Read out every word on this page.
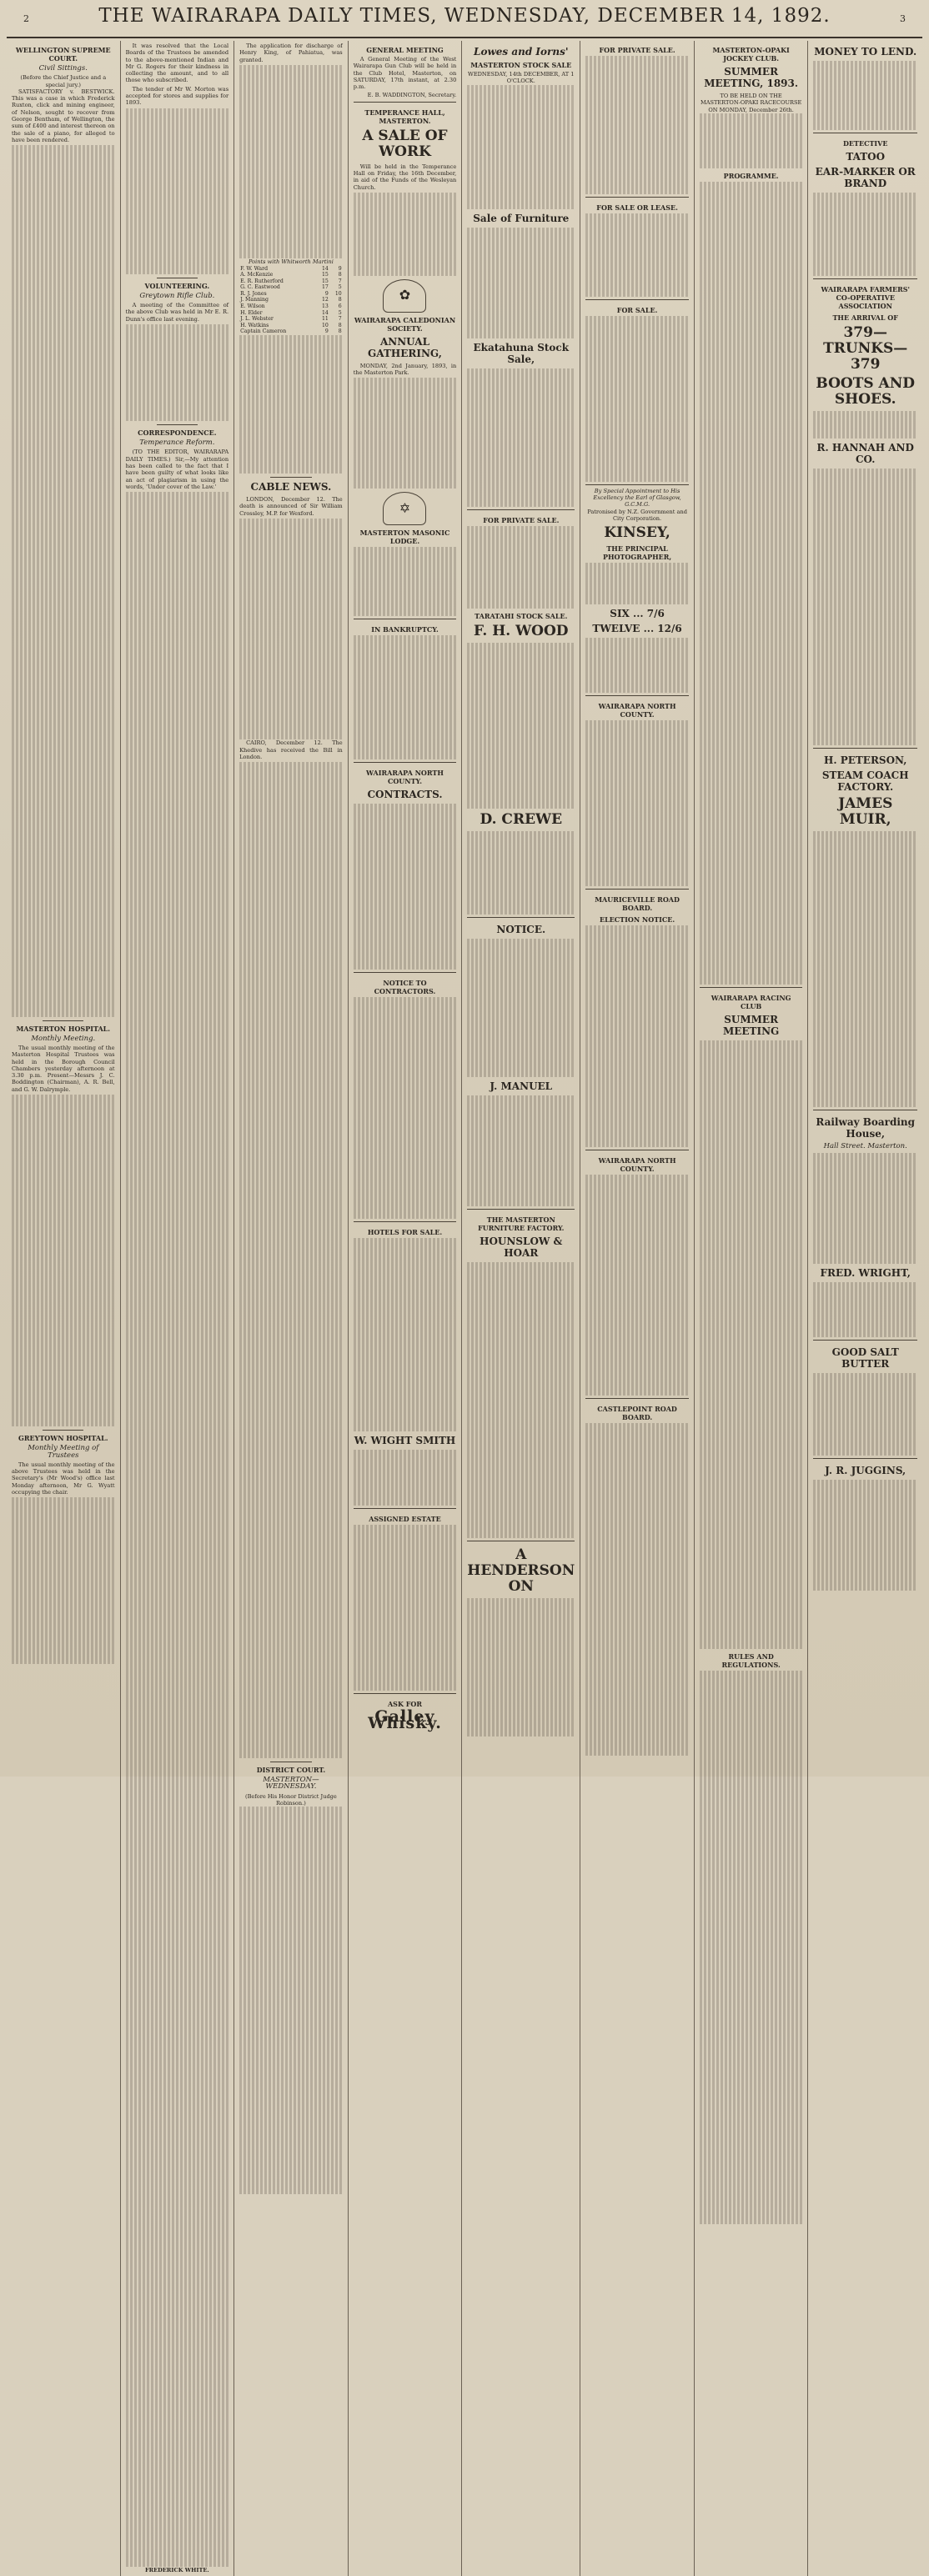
2	THE WAIRARAPA DAILY TIMES, WEDNESDAY, DECEMBER 14, 1892.	3
WELLINGTON SUPREME COURT.
Civil Sittings.
(Before the Chief Justice and a special jury.)
SATISFACTORY v. BESTWICK. This was a case in which Frederick Ruxton, click and mining engineer, of Nelson, sought to recover from George Bentham, of Wellington, the sum of £400 and interest thereon on the sale of a piano, for alleged to have been rendered.
MASTERTON HOSPITAL.
Monthly Meeting.
The usual monthly meeting of the Masterton Hospital Trustees was held in the Borough Council Chambers yesterday afternoon at 3.30 p.m. Present—Messrs J. C. Boddington (Chairman), A. R. Bell, and G. W. Dalrymple.
GREYTOWN HOSPITAL.
Monthly Meeting of Trustees
The usual monthly meeting of the above Trustees was held in the Secretary's (Mr Wood's) office last Monday afternoon, Mr G. Wyatt occupying the chair.
It was resolved that the Local Boards of the Trustees be amended to the above-mentioned Indian and Mr G. Rogers for their kindness in collecting the amount, and to all those who subscribed.
The tender of Mr W. Morton was accepted for stores and supplies for 1893.
VOLUNTEERING.
Greytown Rifle Club.
A meeting of the Committee of the above Club was held in Mr E. R. Dunn's office last evening.
CORRESPONDENCE.
Temperance Reform.
(TO THE EDITOR, WAIRARAPA DAILY TIMES.) Sir,—My attention has been called to the fact that I have been guilty of what looks like an act of plagiarism in using the words, 'Under cover of the Law.'
FREDERICK WHITE.
The application for discharge of Henry King, of Pahiatua, was granted.
Points with Whitworth Martini
F. W. Ward	14	9
A. McKenzie	15	8
E. R. Rutherford	15	7
G. C. Eastwood	17	5
R. J. Jones	9	10
J. Manning	12	8
E. Wilson	13	6
H. Elder	14	5
J. L. Webster	11	7
H. Watkins	10	8
Captain Cameron	9	8
CABLE NEWS.
LONDON, December 12. The death is announced of Sir William Crossley, M.P. for Wexford.
CAIRO, December 12. The Khedive has received the Bill in London.
DISTRICT COURT.
MASTERTON—WEDNESDAY.
(Before His Honor District Judge Robinson.)
GENERAL MEETING
A General Meeting of the West Wairarapa Gun Club will be held in the Club Hotel, Masterton, on SATURDAY, 17th instant, at 2.30 p.m.
E. B. WADDINGTON, Secretary.
TEMPERANCE HALL, MASTERTON.
A SALE OF WORK
Will be held in the Temperance Hall on Friday, the 16th December, in aid of the Funds of the Wesleyan Church.
✿
WAIRARAPA CALEDONIAN SOCIETY.
ANNUAL GATHERING,
MONDAY, 2nd January, 1893, in the Masterton Park.
✡
MASTERTON MASONIC LODGE.
IN BANKRUPTCY.
WAIRARAPA NORTH COUNTY.
CONTRACTS.
NOTICE TO CONTRACTORS.
HOTELS FOR SALE.
W. WIGHT SMITH
ASSIGNED ESTATE
ASK FOR
Galley Whisky.
Lowes and Iorns'
MASTERTON STOCK SALE
WEDNESDAY, 14th DECEMBER, AT 1 O'CLOCK.
Sale of Furniture
Ekatahuna Stock Sale,
FOR PRIVATE SALE.
TARATAHI STOCK SALE.
F. H. WOOD
D. CREWE
NOTICE.
J. MANUEL
THE MASTERTON FURNITURE FACTORY.
HOUNSLOW & HOAR
A HENDERSON ON
FOR PRIVATE SALE.
FOR SALE OR LEASE.
FOR SALE.
By Special Appointment to His Excellency the Earl of Glasgow, G.C.M.G.
Patronised by N.Z. Government and City Corporation.
KINSEY,
THE PRINCIPAL PHOTOGRAPHER,
SIX ... 7/6
TWELVE ... 12/6
WAIRARAPA NORTH COUNTY.
MAURICEVILLE ROAD BOARD.
ELECTION NOTICE.
WAIRARAPA NORTH COUNTY.
CASTLEPOINT ROAD BOARD.
MASTERTON-OPAKI JOCKEY CLUB.
SUMMER MEETING, 1893.
TO BE HELD ON THE MASTERTON-OPAKI RACECOURSE ON MONDAY, December 26th.
PROGRAMME.
WAIRARAPA RACING CLUB
SUMMER MEETING
RULES AND REGULATIONS.
MONEY TO LEND.
DETECTIVE
TATOO
EAR-MARKER OR BRAND
WAIRARAPA FARMERS' CO-OPERATIVE ASSOCIATION
THE ARRIVAL OF
379—TRUNKS—379
BOOTS AND SHOES.
R. HANNAH AND CO.
H. PETERSON,
STEAM COACH FACTORY.
JAMES MUIR,
Railway Boarding House,
Hall Street. Masterton.
FRED. WRIGHT,
GOOD SALT BUTTER
J. R. JUGGINS,
